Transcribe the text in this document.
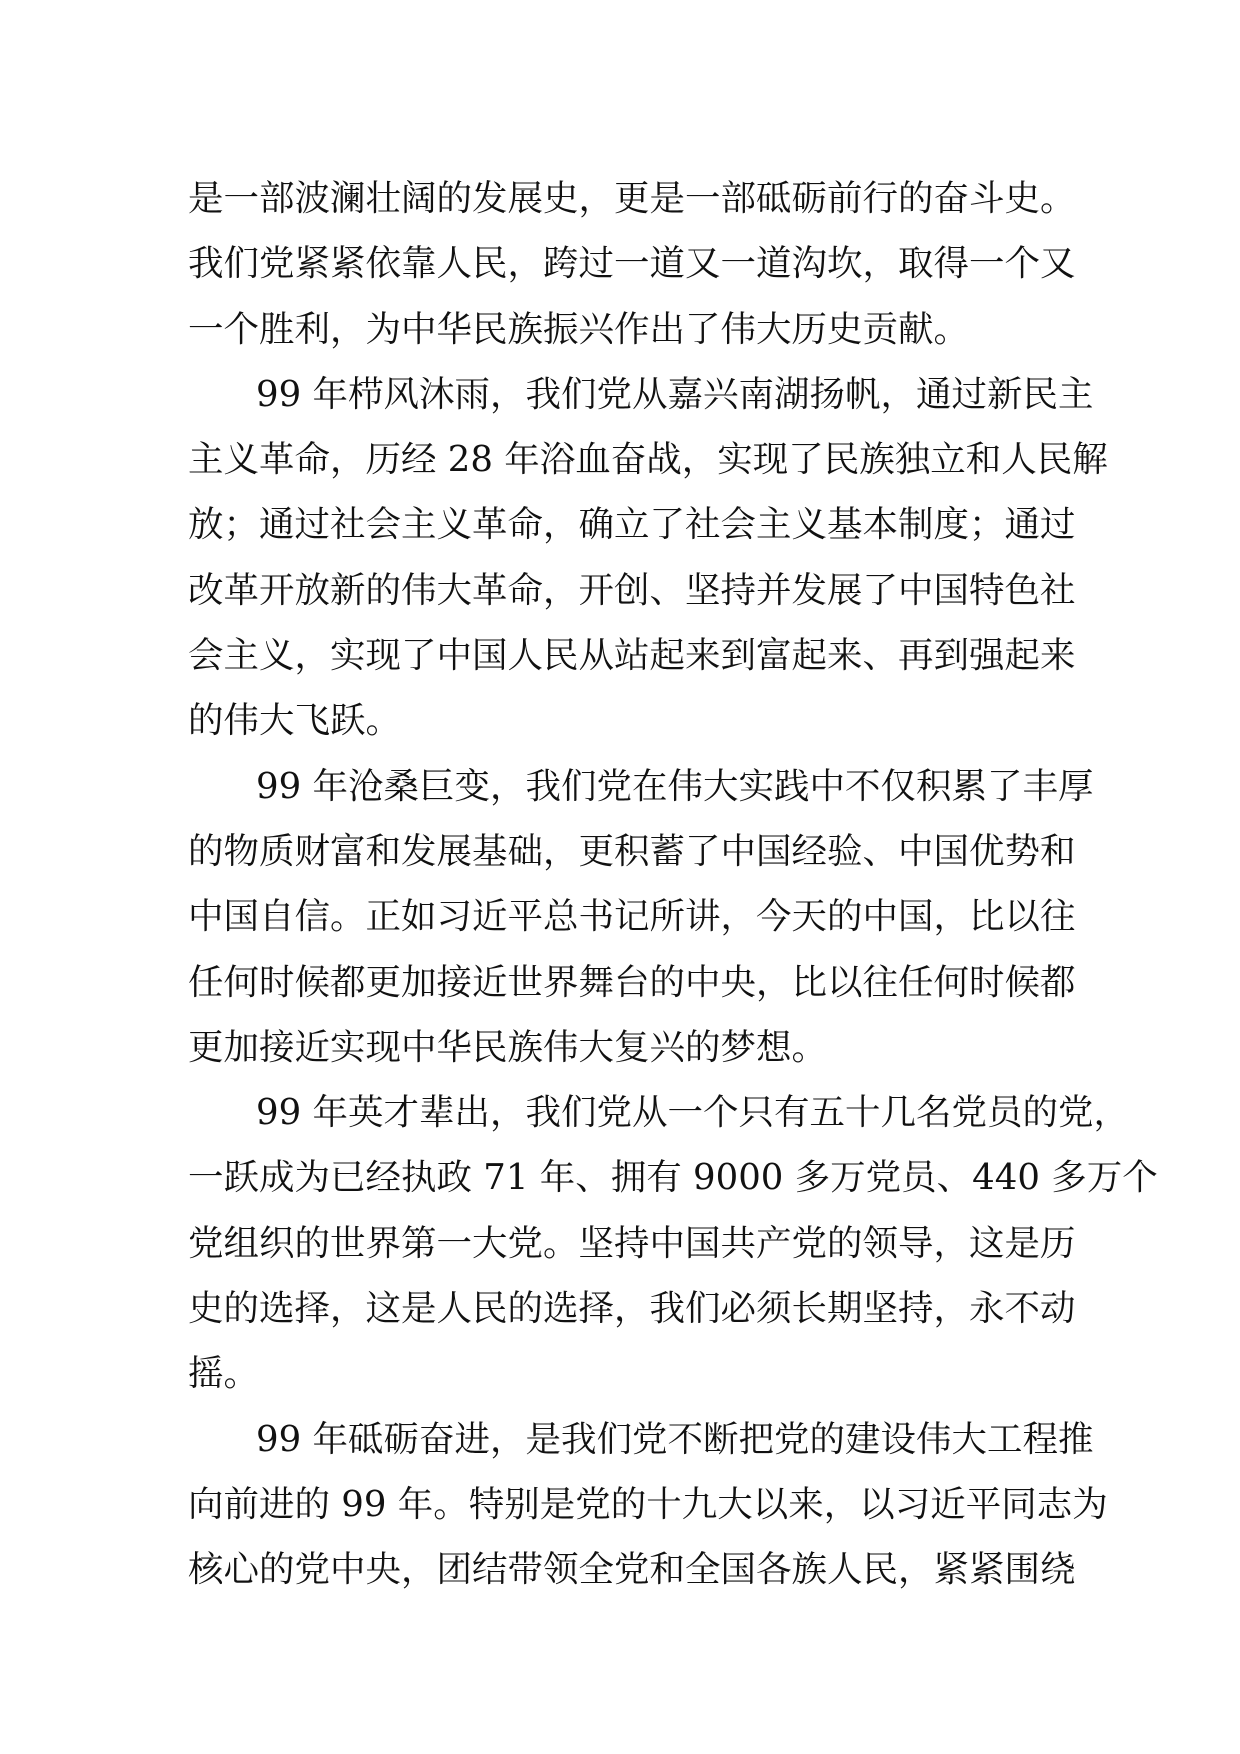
是一部波澜壮阔的发展史，更是一部砥砺前行的奋斗史。
我们党紧紧依靠人民，跨过一道又一道沟坎，取得一个又
一个胜利，为中华民族振兴作出了伟大历史贡献。
99 年栉风沐雨，我们党从嘉兴南湖扬帆，通过新民主
主义革命，历经 28 年浴血奋战，实现了民族独立和人民解
放；通过社会主义革命，确立了社会主义基本制度；通过
改革开放新的伟大革命，开创、坚持并发展了中国特色社
会主义，实现了中国人民从站起来到富起来、再到强起来
的伟大飞跃。
99 年沧桑巨变，我们党在伟大实践中不仅积累了丰厚
的物质财富和发展基础，更积蓄了中国经验、中国优势和
中国自信。正如习近平总书记所讲，今天的中国，比以往
任何时候都更加接近世界舞台的中央，比以往任何时候都
更加接近实现中华民族伟大复兴的梦想。
99 年英才辈出，我们党从一个只有五十几名党员的党，
一跃成为已经执政 71 年、拥有 9000 多万党员、440 多万个
党组织的世界第一大党。坚持中国共产党的领导，这是历
史的选择，这是人民的选择，我们必须长期坚持，永不动
摇。
99 年砥砺奋进，是我们党不断把党的建设伟大工程推
向前进的 99 年。特别是党的十九大以来，以习近平同志为
核心的党中央，团结带领全党和全国各族人民，紧紧围绕
